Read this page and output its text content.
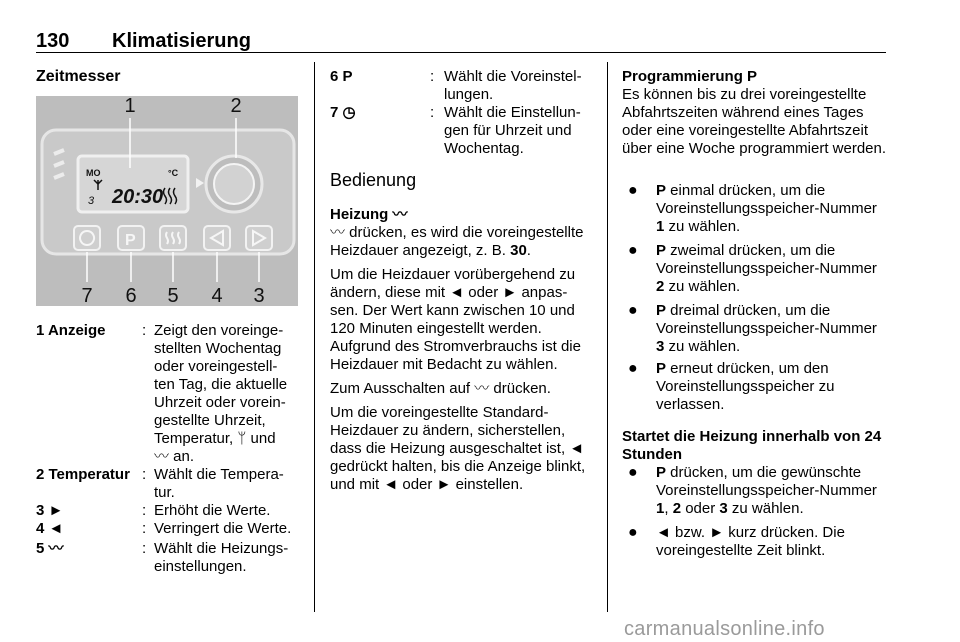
130 Klimatisierung
Zeitmesser
MO	°C
3 20:30
P
1	2
7 6 5 4 3
1 Anzeige : Zeigt den voreinge-
stellten Wochentag
oder voreingestell-
ten Tag, die aktuelle
Uhrzeit oder vorein-
gestellte Uhrzeit,
Temperatur, ᛘ und
〰 an.
2 Temperatur : Wählt die Tempera-
tur.
3 ►	: Erhöht die Werte.
4 ◄	: Verringert die Werte.
5 〰	: Wählt die Heizungs-
einstellungen.
6 P	: Wählt die Voreinstel-
lungen.
7 ◷	: Wählt die Einstellun-
gen für Uhrzeit und
Wochentag.
Bedienung
Heizung 〰
〰 drücken, es wird die voreingestellte Heizdauer angezeigt, z. B. 30.
Um die Heizdauer vorübergehend zu ändern, diese mit ◄ oder ► anpas-sen. Der Wert kann zwischen 10 und 120 Minuten eingestellt werden. Aufgrund des Stromverbrauchs ist die Heizdauer mit Bedacht zu wählen.
Zum Ausschalten auf 〰 drücken.
Um die voreingestellte Standard-Heizdauer zu ändern, sicherstellen, dass die Heizung ausgeschaltet ist, ◄ gedrückt halten, bis die Anzeige blinkt, und mit ◄ oder ► einstellen.
Programmierung P
Es können bis zu drei voreingestellte Abfahrtszeiten während eines Tages oder eine voreingestellte Abfahrtszeit über eine Woche programmiert werden.
● P einmal drücken, um die Voreinstellungsspeicher-Nummer 1 zu wählen.
● P zweimal drücken, um die Voreinstellungsspeicher-Nummer 2 zu wählen.
● P dreimal drücken, um die Voreinstellungsspeicher-Nummer 3 zu wählen.
● P erneut drücken, um den Voreinstellungsspeicher zu verlassen.
Startet die Heizung innerhalb von 24 Stunden
● P drücken, um die gewünschte Voreinstellungsspeicher-Nummer 1, 2 oder 3 zu wählen.
● ◄ bzw. ► kurz drücken. Die voreingestellte Zeit blinkt.
carmanualsonline.info
